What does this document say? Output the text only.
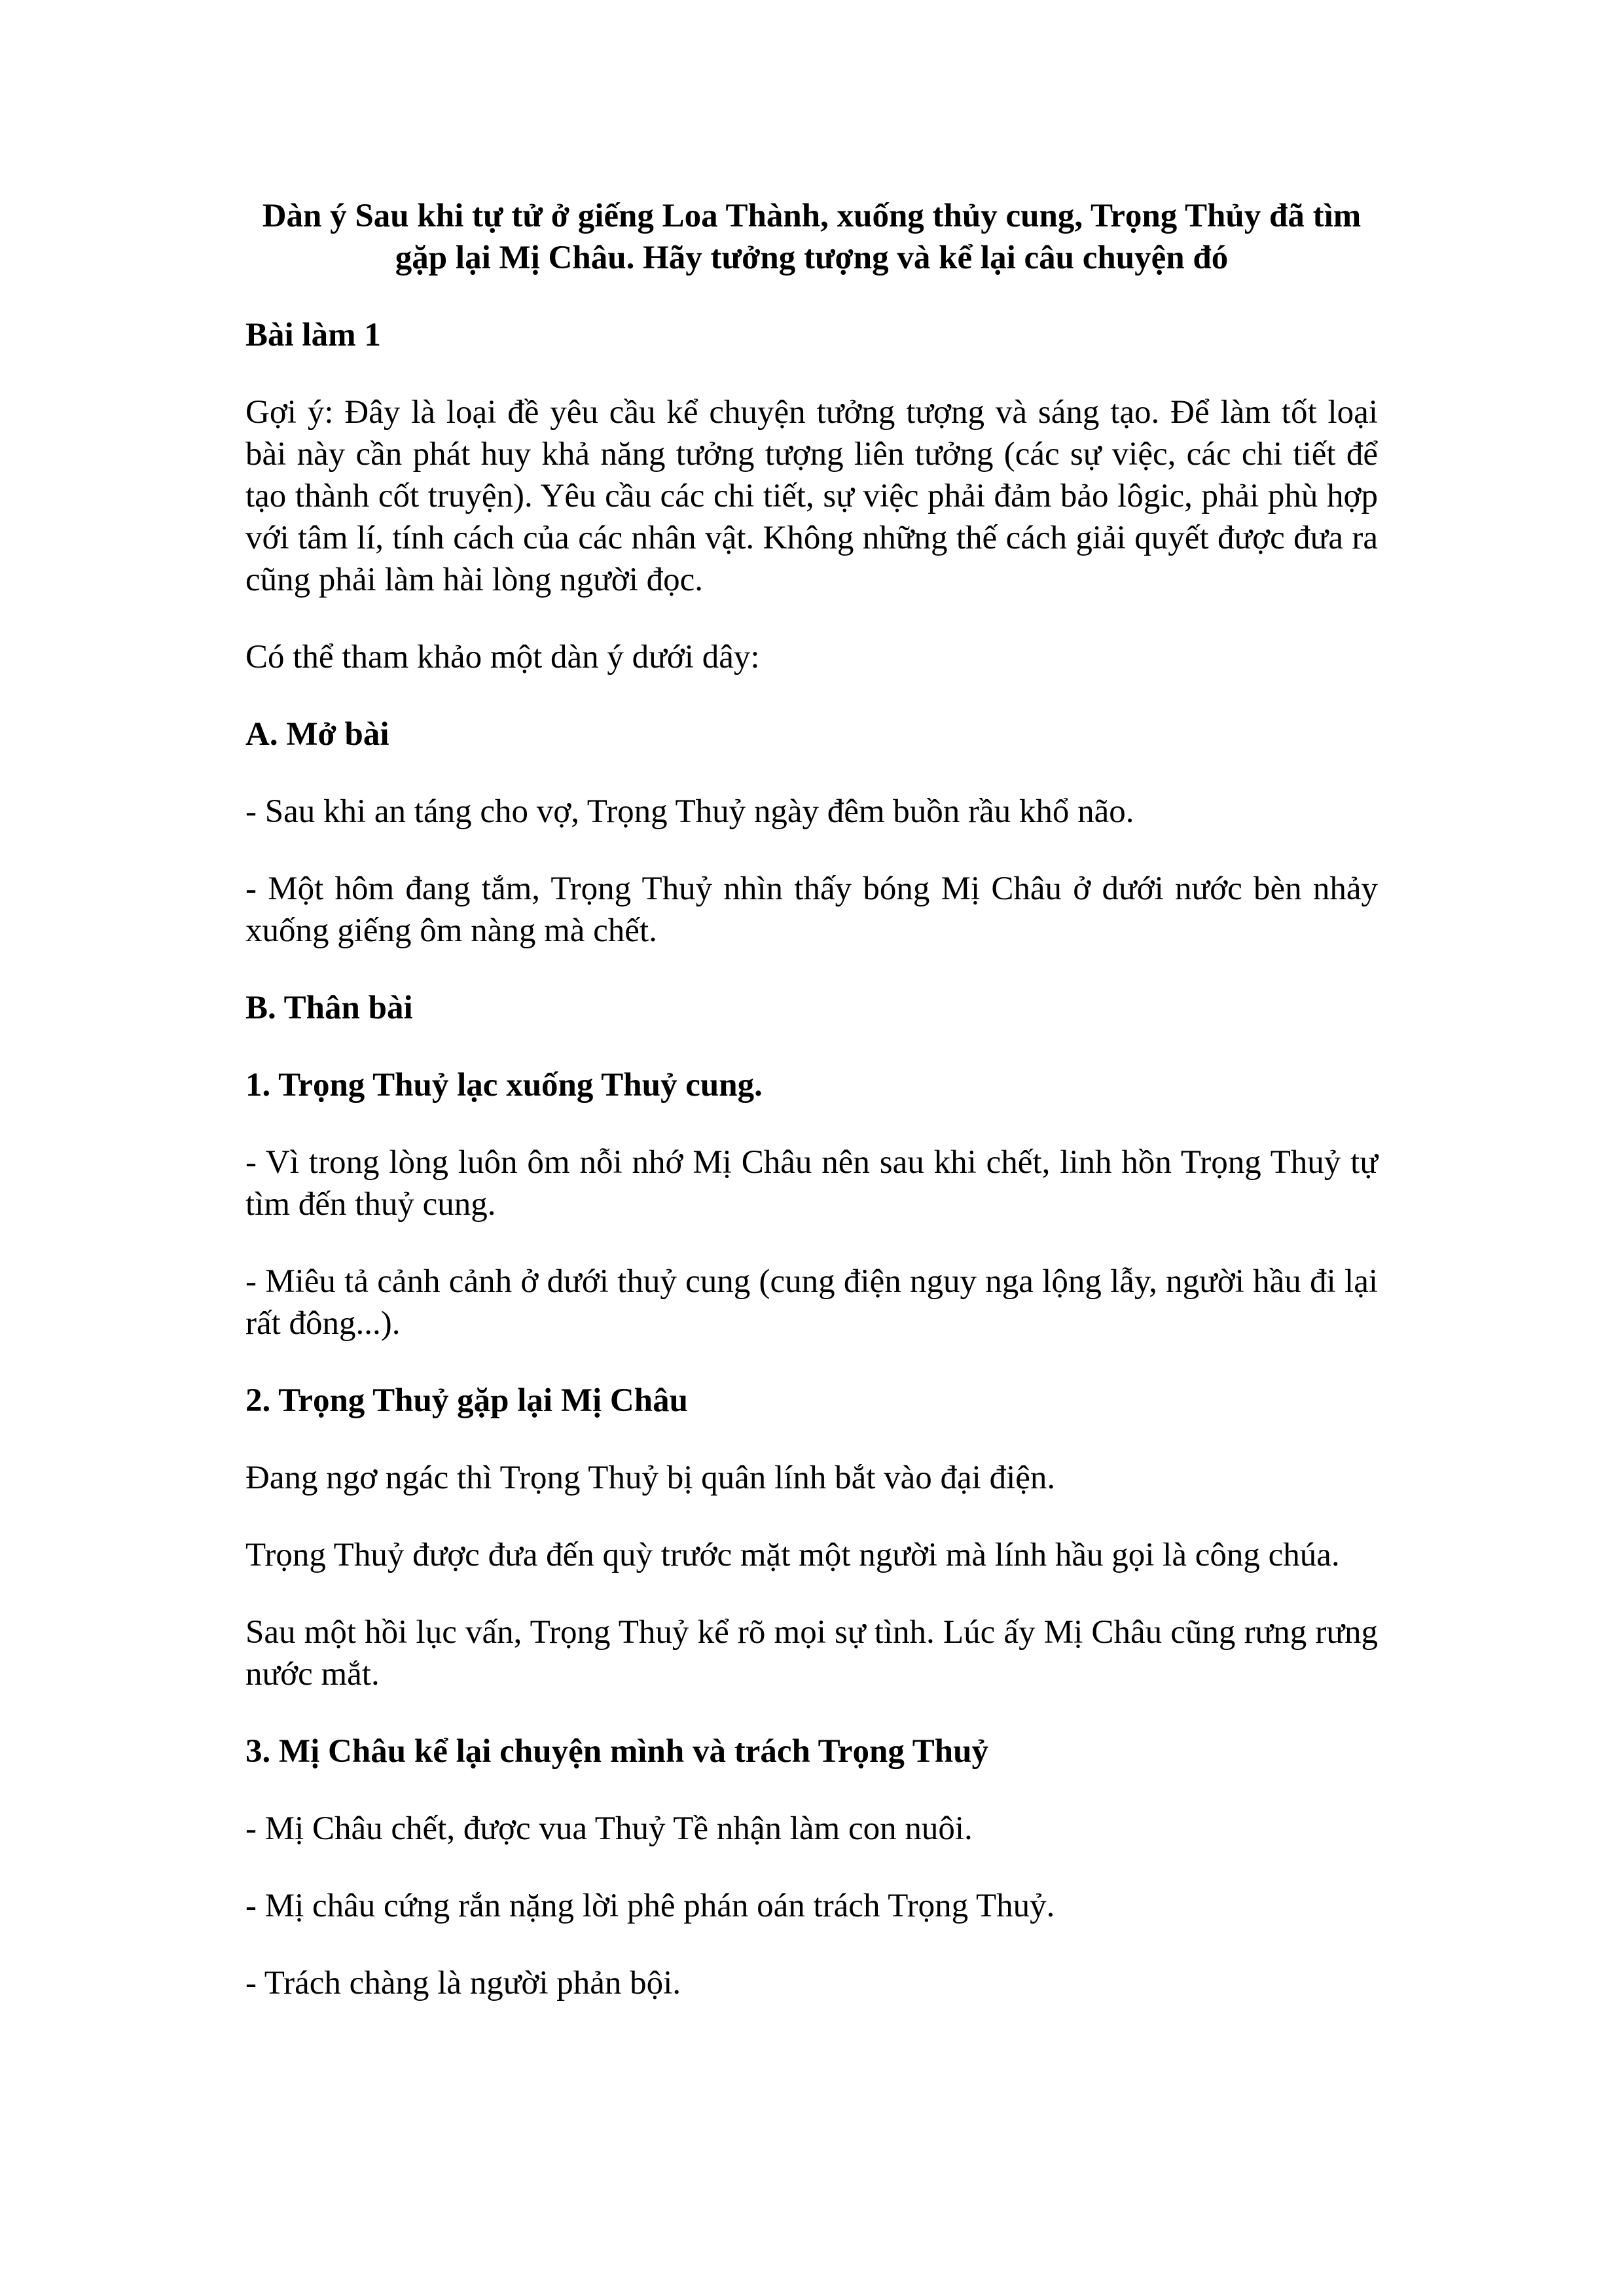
Dàn ý Sau khi tự tử ở giếng Loa Thành, xuống thủy cung, Trọng Thủy đã tìm gặp lại Mị Châu. Hãy tưởng tượng và kể lại câu chuyện đó
Bài làm 1
Gợi ý: Đây là loại đề yêu cầu kể chuyện tưởng tượng và sáng tạo. Để làm tốt loại bài này cần phát huy khả năng tưởng tượng liên tưởng (các sự việc, các chi tiết để tạo thành cốt truyện). Yêu cầu các chi tiết, sự việc phải đảm bảo lôgic, phải phù hợp với tâm lí, tính cách của các nhân vật. Không những thế cách giải quyết được đưa ra cũng phải làm hài lòng người đọc.
Có thể tham khảo một dàn ý dưới dây:
A. Mở bài
- Sau khi an táng cho vợ, Trọng Thuỷ ngày đêm buồn rầu khổ não.
- Một hôm đang tắm, Trọng Thuỷ nhìn thấy bóng Mị Châu ở dưới nước bèn nhảy xuống giếng ôm nàng mà chết.
B. Thân bài
1. Trọng Thuỷ lạc xuống Thuỷ cung.
- Vì trong lòng luôn ôm nỗi nhớ Mị Châu nên sau khi chết, linh hồn Trọng Thuỷ tự tìm đến thuỷ cung.
- Miêu tả cảnh cảnh ở dưới thuỷ cung (cung điện nguy nga lộng lẫy, người hầu đi lại rất đông...).
2. Trọng Thuỷ gặp lại Mị Châu
Đang ngơ ngác thì Trọng Thuỷ bị quân lính bắt vào đại điện.
Trọng Thuỷ được đưa đến quỳ trước mặt một người mà lính hầu gọi là công chúa.
Sau một hồi lục vấn, Trọng Thuỷ kể rõ mọi sự tình. Lúc ấy Mị Châu cũng rưng rưng nước mắt.
3. Mị Châu kể lại chuyện mình và trách Trọng Thuỷ
- Mị Châu chết, được vua Thuỷ Tề nhận làm con nuôi.
- Mị châu cứng rắn nặng lời phê phán oán trách Trọng Thuỷ.
- Trách chàng là người phản bội.
